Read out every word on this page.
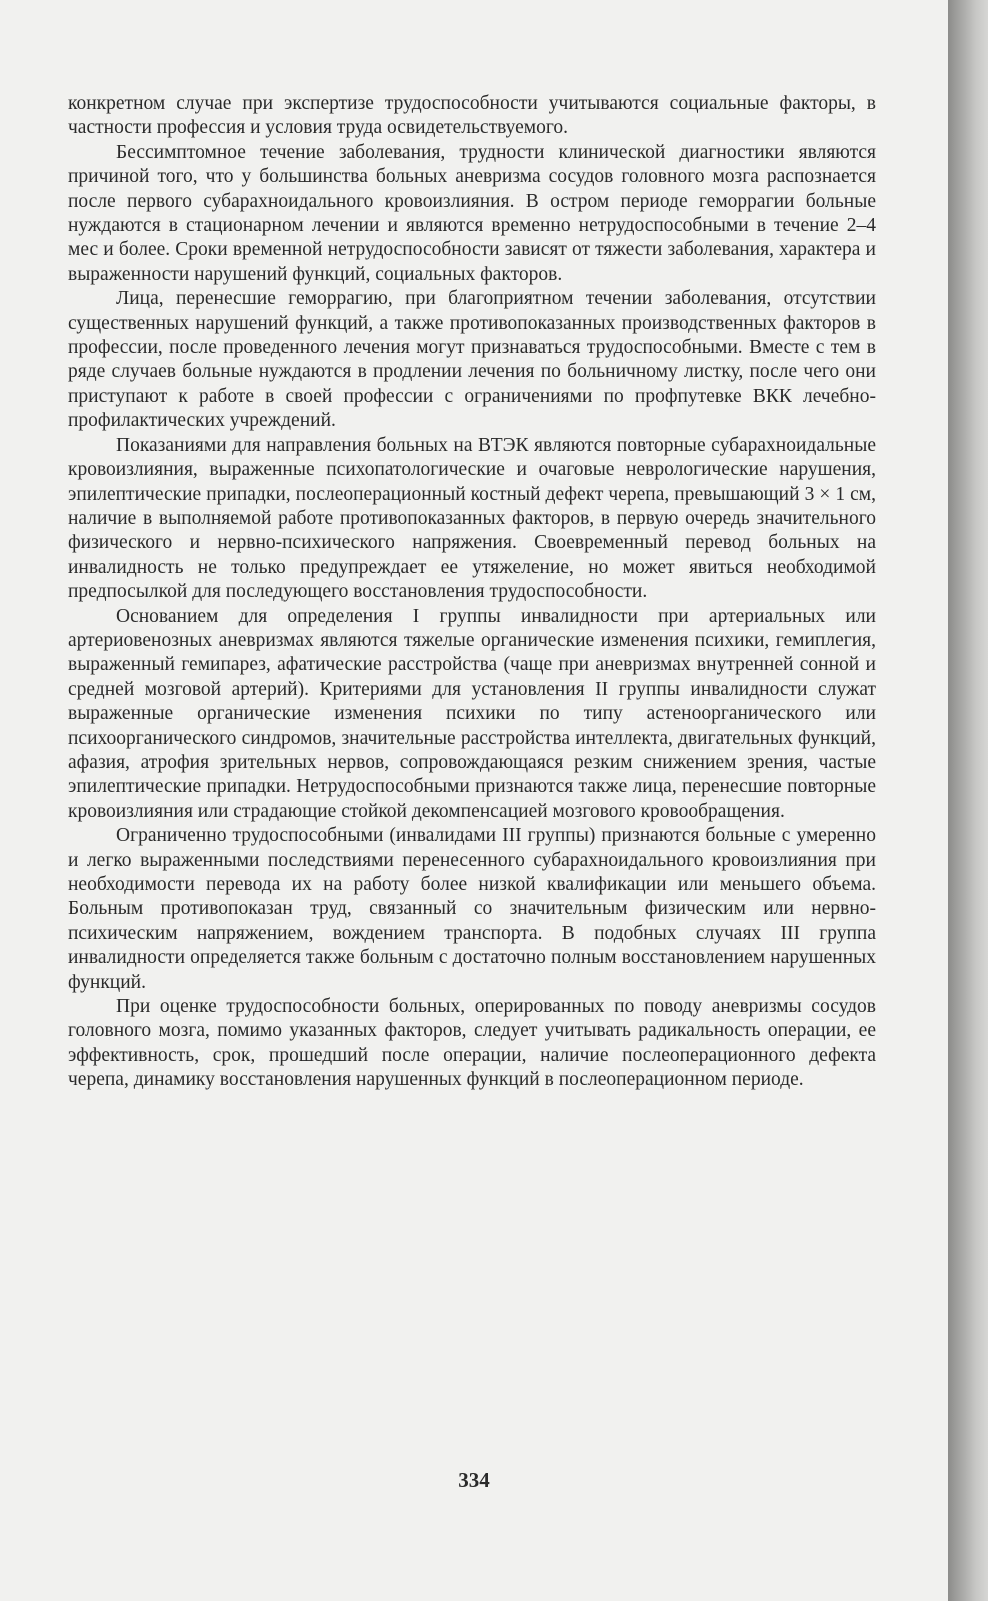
конкретном случае при экспертизе трудоспособности учитываются социальные факторы, в частности профессия и условия труда освидетельствуемого.

Бессимптомное течение заболевания, трудности клинической диагностики являются причиной того, что у большинства больных аневризма сосудов головного мозга распознается после первого субарахноидального кровоизлияния. В остром периоде геморрагии больные нуждаются в стационарном лечении и являются временно нетрудоспособными в течение 2–4 мес и более. Сроки временной нетрудоспособности зависят от тяжести заболевания, характера и выраженности нарушений функций, социальных факторов.

Лица, перенесшие геморрагию, при благоприятном течении заболевания, отсутствии существенных нарушений функций, а также противопоказанных производственных факторов в профессии, после проведенного лечения могут признаваться трудоспособными. Вместе с тем в ряде случаев больные нуждаются в продлении лечения по больничному листку, после чего они приступают к работе в своей профессии с ограничениями по профпутевке ВКК лечебно-профилактических учреждений.

Показаниями для направления больных на ВТЭК являются повторные субарахноидальные кровоизлияния, выраженные психопатологические и очаговые неврологические нарушения, эпилептические припадки, послеоперационный костный дефект черепа, превышающий 3 × 1 см, наличие в выполняемой работе противопоказанных факторов, в первую очередь значительного физического и нервно-психического напряжения. Своевременный перевод больных на инвалидность не только предупреждает ее утяжеление, но может явиться необходимой предпосылкой для последующего восстановления трудоспособности.

Основанием для определения I группы инвалидности при артериальных или артериовенозных аневризмах являются тяжелые органические изменения психики, гемиплегия, выраженный гемипарез, афатические расстройства (чаще при аневризмах внутренней сонной и средней мозговой артерий). Критериями для установления II группы инвалидности служат выраженные органические изменения психики по типу астеноорганического или психоорганического синдромов, значительные расстройства интеллекта, двигательных функций, афазия, атрофия зрительных нервов, сопровождающаяся резким снижением зрения, частые эпилептические припадки. Нетрудоспособными признаются также лица, перенесшие повторные кровоизлияния или страдающие стойкой декомпенсацией мозгового кровообращения.

Ограниченно трудоспособными (инвалидами III группы) признаются больные с умеренно и легко выраженными последствиями перенесенного субарахноидального кровоизлияния при необходимости перевода их на работу более низкой квалификации или меньшего объема. Больным противопоказан труд, связанный со значительным физическим или нервно-психическим напряжением, вождением транспорта. В подобных случаях III группа инвалидности определяется также больным с достаточно полным восстановлением нарушенных функций.

При оценке трудоспособности больных, оперированных по поводу аневризмы сосудов головного мозга, помимо указанных факторов, следует учитывать радикальность операции, ее эффективность, срок, прошедший после операции, наличие послеоперационного дефекта черепа, динамику восстановления нарушенных функций в послеоперационном периоде.

334
